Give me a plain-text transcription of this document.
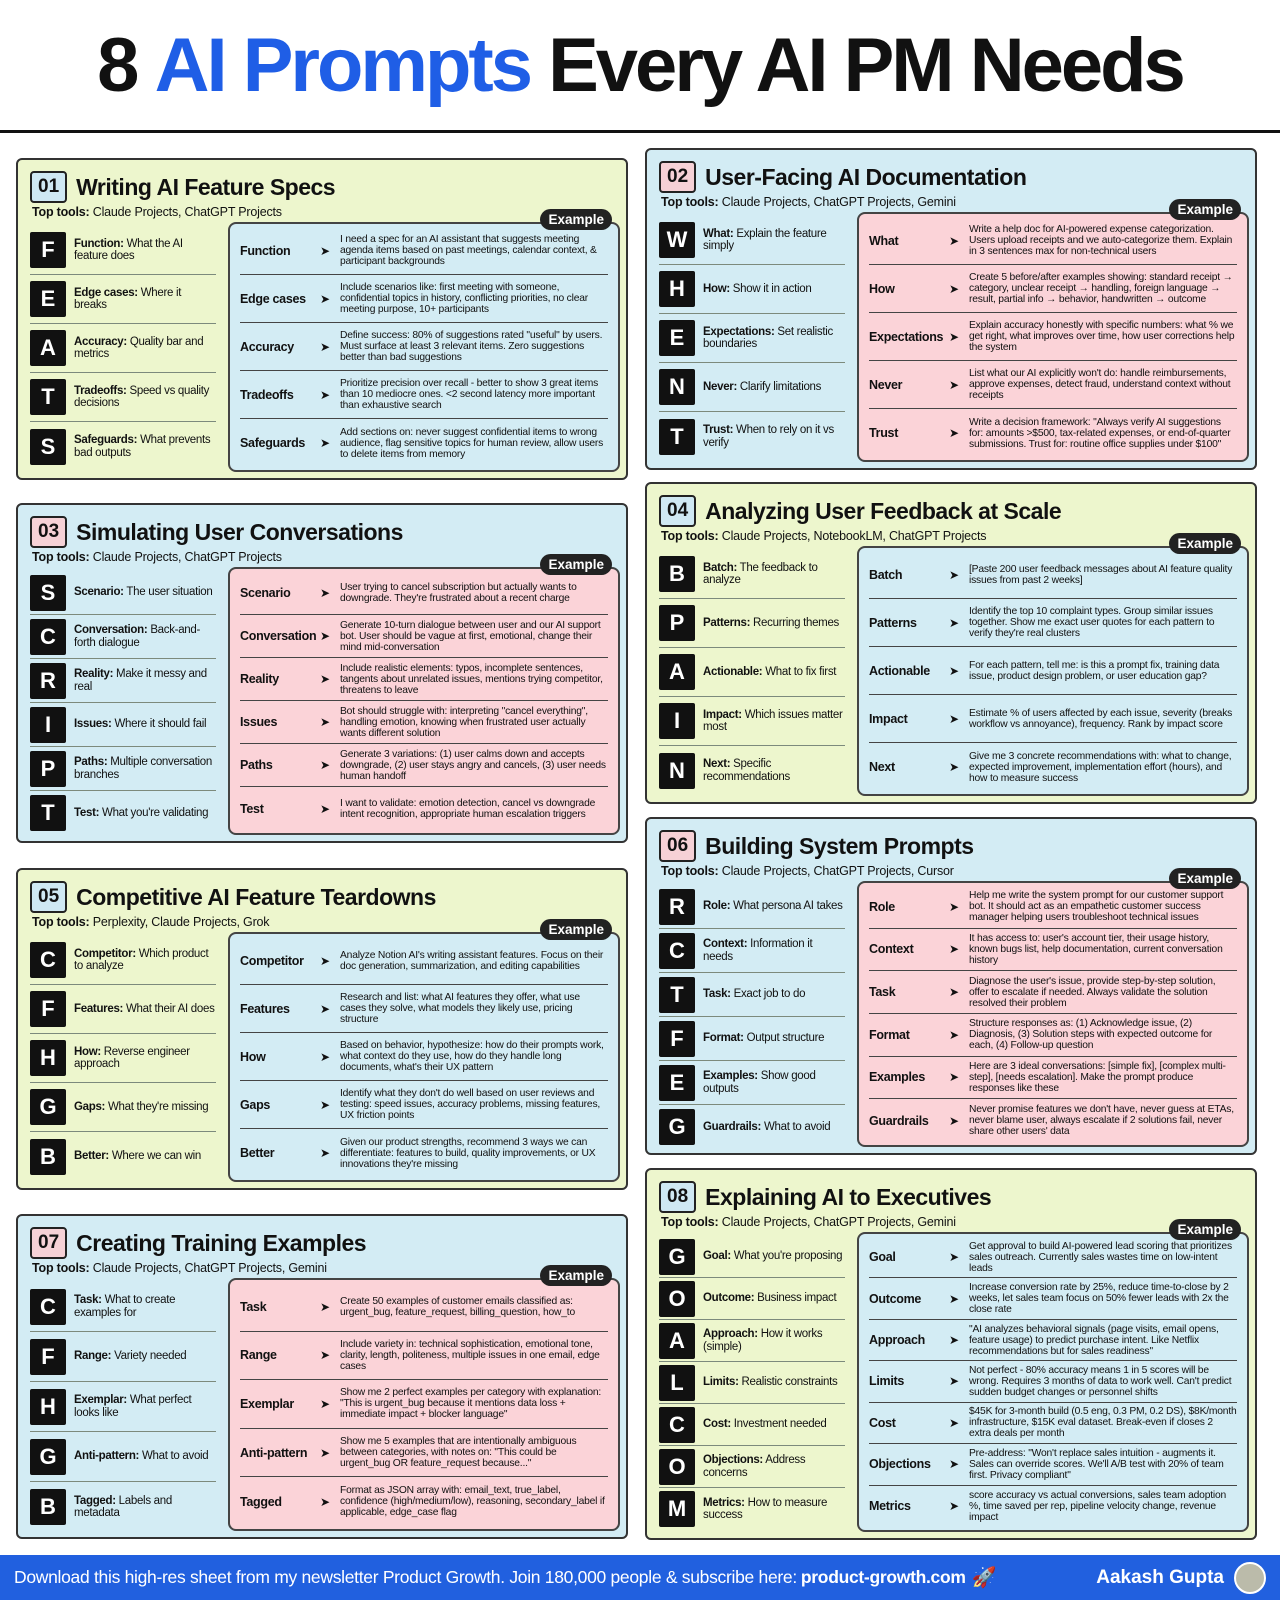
8
AI Prompts
Every AI PM Needs
01 Writing AI Feature Specs
Top tools: Claude Projects, ChatGPT Projects	Example
F	Function: What the AI feature does
E	Edge cases: Where it breaks
A	Accuracy: Quality bar and metrics
T	Tradeoffs: Speed vs quality decisions
S	Safeguards: What prevents bad outputs
Function	➤
I need a spec for an AI assistant that suggests meeting agenda items based on past meetings, calendar context, & participant backgrounds
Edge cases	➤
Include scenarios like: first meeting with someone, confidential topics in history, conflicting priorities, no clear meeting purpose, 10+ participants
Accuracy	➤
Define success: 80% of suggestions rated "useful" by users. Must surface at least 3 relevant items. Zero suggestions better than bad suggestions
Tradeoffs	➤
Prioritize precision over recall - better to show 3 great items than 10 mediocre ones. <2 second latency more important than exhaustive search
Safeguards	➤
Add sections on: never suggest confidential items to wrong audience, flag sensitive topics for human review, allow users to delete items from memory
02 User-Facing AI Documentation
Top tools: Claude Projects, ChatGPT Projects, Gemini	Example
W	What: Explain the feature simply
H	How: Show it in action
E	Expectations: Set realistic boundaries
N	Never: Clarify limitations
T	Trust: When to rely on it vs verify
What	➤
Write a help doc for AI-powered expense categorization. Users upload receipts and we auto-categorize them. Explain in 3 sentences max for non-technical users
How	➤
Create 5 before/after examples showing: standard receipt → category, unclear receipt → handling, foreign language → result, partial info → behavior, handwritten → outcome
Expectations ➤
Explain accuracy honestly with specific numbers: what % we get right, what improves over time, how user corrections help the system
Never	➤
List what our AI explicitly won't do: handle reimbursements, approve expenses, detect fraud, understand context without receipts
Trust	➤
Write a decision framework: "Always verify AI suggestions for: amounts >$500, tax-related expenses, or end-of-quarter submissions. Trust for: routine office supplies under $100"
03 Simulating User Conversations
Top tools: Claude Projects, ChatGPT Projects	Example
S	Scenario: The user situation
C	Conversation: Back-and-forth dialogue
R	Reality: Make it messy and real
I	Issues: Where it should fail
P	Paths: Multiple conversation branches
T	Test: What you're validating
Scenario	➤ User trying to cancel subscription but actually wants to downgrade. They're frustrated about a recent charge
Conversation ➤
Generate 10-turn dialogue between user and our AI support bot. User should be vague at first, emotional, change their mind mid-conversation
Reality	➤
Include realistic elements: typos, incomplete sentences, tangents about unrelated issues, mentions trying competitor, threatens to leave
Issues	➤
Bot should struggle with: interpreting "cancel everything", handling emotion, knowing when frustrated user actually wants different solution
Paths	➤
Generate 3 variations: (1) user calms down and accepts downgrade, (2) user stays angry and cancels, (3) user needs human handoff
Test	➤ I want to validate: emotion detection, cancel vs downgrade intent recognition, appropriate human escalation triggers
04 Analyzing User Feedback at Scale
Top tools: Claude Projects, NotebookLM, ChatGPT Projects	Example
B	Batch: The feedback to analyze
P	Patterns: Recurring themes
A	Actionable: What to fix first
I	Impact: Which issues matter most
N	Next: Specific recommendations
Batch	➤ [Paste 200 user feedback messages about AI feature quality issues from past 2 weeks]
Patterns	➤
Identify the top 10 complaint types. Group similar issues together. Show me exact user quotes for each pattern to verify they're real clusters
Actionable	➤ For each pattern, tell me: is this a prompt fix, training data issue, product design problem, or user education gap?
Impact	➤ Estimate % of users affected by each issue, severity (breaks workflow vs annoyance), frequency. Rank by impact score
Next	➤
Give me 3 concrete recommendations with: what to change, expected improvement, implementation effort (hours), and how to measure success
05 Competitive AI Feature Teardowns
Top tools: Perplexity, Claude Projects, Grok	Example
C	Competitor: Which product to analyze
F	Features: What their AI does
H	How: Reverse engineer approach
G	Gaps: What they're missing
B	Better: Where we can win
Competitor	➤ Analyze Notion AI's writing assistant features. Focus on their doc generation, summarization, and editing capabilities
Features	➤
Research and list: what AI features they offer, what use cases they solve, what models they likely use, pricing structure
How	➤
Based on behavior, hypothesize: how do their prompts work, what context do they use, how do they handle long documents, what's their UX pattern
Gaps	➤
Identify what they don't do well based on user reviews and testing: speed issues, accuracy problems, missing features, UX friction points
Better	➤
Given our product strengths, recommend 3 ways we can differentiate: features to build, quality improvements, or UX innovations they're missing
06 Building System Prompts
Top tools: Claude Projects, ChatGPT Projects, Cursor	Example
R	Role: What persona AI takes
C	Context: Information it needs
T	Task: Exact job to do
F	Format: Output structure
E	Examples: Show good outputs
G	Guardrails: What to avoid
Role	➤
Help me write the system prompt for our customer support bot. It should act as an empathetic customer success manager helping users troubleshoot technical issues
Context	➤
It has access to: user's account tier, their usage history, known bugs list, help documentation, current conversation history
Task	➤
Diagnose the user's issue, provide step-by-step solution, offer to escalate if needed. Always validate the solution resolved their problem
Format	➤
Structure responses as: (1) Acknowledge issue, (2) Diagnosis, (3) Solution steps with expected outcome for each, (4) Follow-up question
Examples	➤
Here are 3 ideal conversations: [simple fix], [complex multi-step], [needs escalation]. Make the prompt produce responses like these
Guardrails	➤
Never promise features we don't have, never guess at ETAs, never blame user, always escalate if 2 solutions fail, never share other users' data
07 Creating Training Examples
Top tools: Claude Projects, ChatGPT Projects, Gemini	Example
C	Task: What to create examples for
F	Range: Variety needed
H	Exemplar: What perfect looks like
G	Anti-pattern: What to avoid
B	Tagged: Labels and metadata
Task	➤ Create 50 examples of customer emails classified as: urgent_bug, feature_request, billing_question, how_to
Range	➤
Include variety in: technical sophistication, emotional tone, clarity, length, politeness, multiple issues in one email, edge cases
Exemplar	➤
Show me 2 perfect examples per category with explanation: "This is urgent_bug because it mentions data loss + immediate impact + blocker language"
Anti-pattern	➤
Show me 5 examples that are intentionally ambiguous between categories, with notes on: "This could be urgent_bug OR feature_request because..."
Tagged	➤
Format as JSON array with: email_text, true_label, confidence (high/medium/low), reasoning, secondary_label if applicable, edge_case flag
08 Explaining AI to Executives
Top tools: Claude Projects, ChatGPT Projects, Gemini	Example
G	Goal: What you're proposing
O	Outcome: Business impact
A	Approach: How it works (simple)
L	Limits: Realistic constraints
C	Cost: Investment needed
O	Objections: Address concerns
M	Metrics: How to measure success
Goal	➤
Get approval to build AI-powered lead scoring that prioritizes sales outreach. Currently sales wastes time on low-intent leads
Outcome	➤
Increase conversion rate by 25%, reduce time-to-close by 2 weeks, let sales team focus on 50% fewer leads with 2x the close rate
Approach	➤
"AI analyzes behavioral signals (page visits, email opens, feature usage) to predict purchase intent. Like Netflix recommendations but for sales readiness"
Limits	➤
Not perfect - 80% accuracy means 1 in 5 scores will be wrong. Requires 3 months of data to work well. Can't predict sudden budget changes or personnel shifts
Cost	➤
$45K for 3-month build (0.5 eng, 0.3 PM, 0.2 DS), $8K/month infrastructure, $15K eval dataset. Break-even if closes 2 extra deals per month
Objections	➤
Pre-address: "Won't replace sales intuition - augments it. Sales can override scores. We'll A/B test with 20% of team first. Privacy compliant"
Metrics	➤
score accuracy vs actual conversions, sales team adoption %, time saved per rep, pipeline velocity change, revenue impact
Download this high-res sheet from my newsletter Product Growth. Join 180,000 people & subscribe here: product-growth.com 🚀	Aakash Gupta
